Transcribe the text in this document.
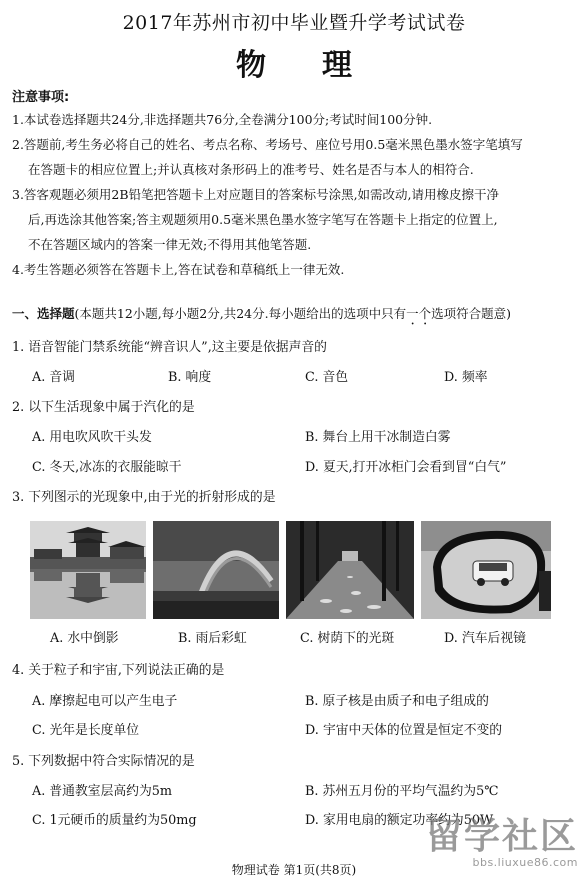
2017年苏州市初中毕业暨升学考试试卷
物 理
注意事项:
1.本试卷选择题共24分,非选择题共76分,全卷满分100分;考试时间100分钟.
2.答题前,考生务必将自己的姓名、考点名称、考场号、座位号用0.5毫米黑色墨水签字笔填写
在答题卡的相应位置上;并认真核对条形码上的准考号、姓名是否与本人的相符合.
3.答客观题必须用2B铅笔把答题卡上对应题目的答案标号涂黑,如需改动,请用橡皮擦干净
后,再选涂其他答案;答主观题须用0.5毫米黑色墨水签字笔写在答题卡上指定的位置上,
不在答题区域内的答案一律无效;不得用其他笔答题.
4.考生答题必须答在答题卡上,答在试卷和草稿纸上一律无效.
一、选择题(本题共12小题,每小题2分,共24分.每小题给出的选项中只有一个选项符合题意)
1. 语音智能门禁系统能“辨音识人”,这主要是依据声音的
A. 音调	B. 响度	C. 音色	D. 频率
2. 以下生活现象中属于汽化的是
A. 用电吹风吹干头发	B. 舞台上用干冰制造白雾
C. 冬天,冰冻的衣服能晾干	D. 夏天,打开冰柜门会看到冒“白气”
3. 下列图示的光现象中,由于光的折射形成的是
A. 水中倒影	B. 雨后彩虹	C. 树荫下的光斑	D. 汽车后视镜
4. 关于粒子和宇宙,下列说法正确的是
A. 摩擦起电可以产生电子	B. 原子核是由质子和电子组成的
C. 光年是长度单位	D. 宇宙中天体的位置是恒定不变的
5. 下列数据中符合实际情况的是
A. 普通教室层高约为5m	B. 苏州五月份的平均气温约为5℃
C. 1元硬币的质量约为50mg	D. 家用电扇的额定功率约为50W
留学社区
bbs.liuxue86.com
物理试卷 第1页(共8页)
